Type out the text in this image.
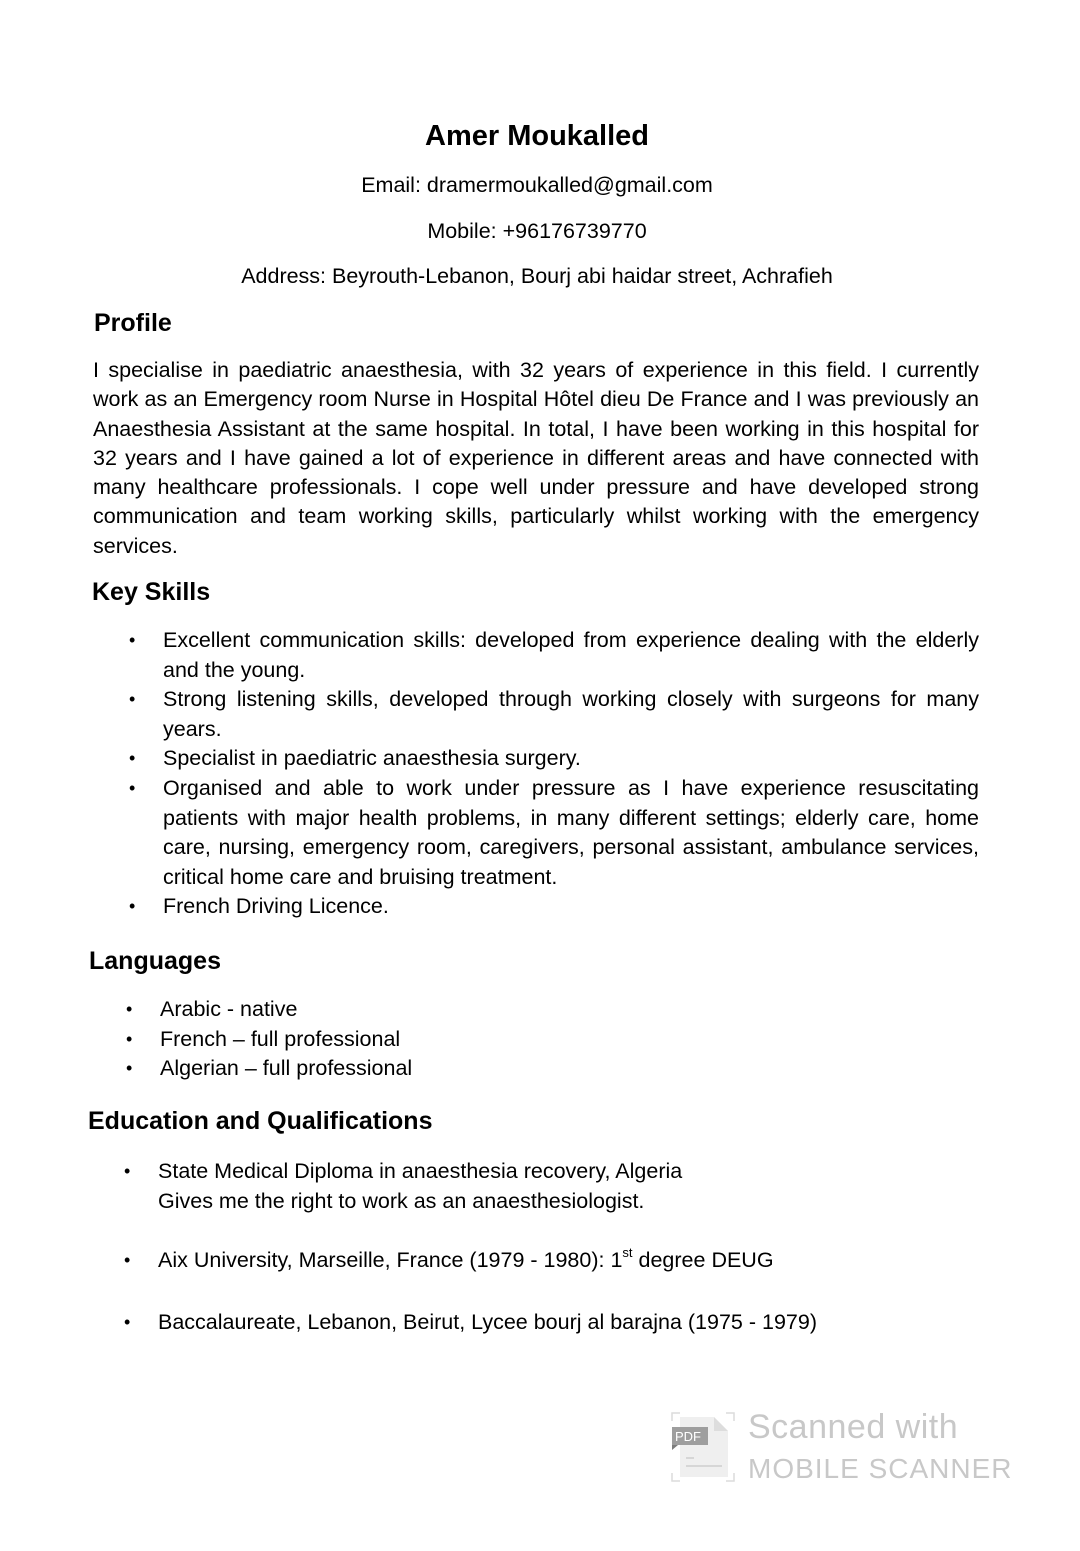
Amer Moukalled
Email: dramermoukalled@gmail.com
Mobile: +96176739770
Address: Beyrouth-Lebanon, Bourj abi haidar street, Achrafieh
Profile
I specialise in paediatric anaesthesia, with 32 years of experience in this field. I currently work as an Emergency room Nurse in Hospital Hôtel dieu De France and I was previously an Anaesthesia Assistant at the same hospital. In total, I have been working in this hospital for 32 years and I have gained a lot of experience in different areas and have connected with many healthcare professionals. I cope well under pressure and have developed strong communication and team working skills, particularly whilst working with the emergency services.
Key Skills
• Excellent communication skills: developed from experience dealing with the elderly and the young.
• Strong listening skills, developed through working closely with surgeons for many years.
• Specialist in paediatric anaesthesia surgery.
• Organised and able to work under pressure as I have experience resuscitating patients with major health problems, in many different settings; elderly care, home care, nursing, emergency room, caregivers, personal assistant, ambulance services, critical home care and bruising treatment.
• French Driving Licence.
Languages
• Arabic - native
• French – full professional
• Algerian – full professional
Education and Qualifications
• State Medical Diploma in anaesthesia recovery, Algeria
Gives me the right to work as an anaesthesiologist.
• Aix University, Marseille, France (1979 - 1980): 1st degree DEUG
• Baccalaureate, Lebanon, Beirut, Lycee bourj al barajna (1975 - 1979)
PDF Scanned with
MOBILE SCANNER
